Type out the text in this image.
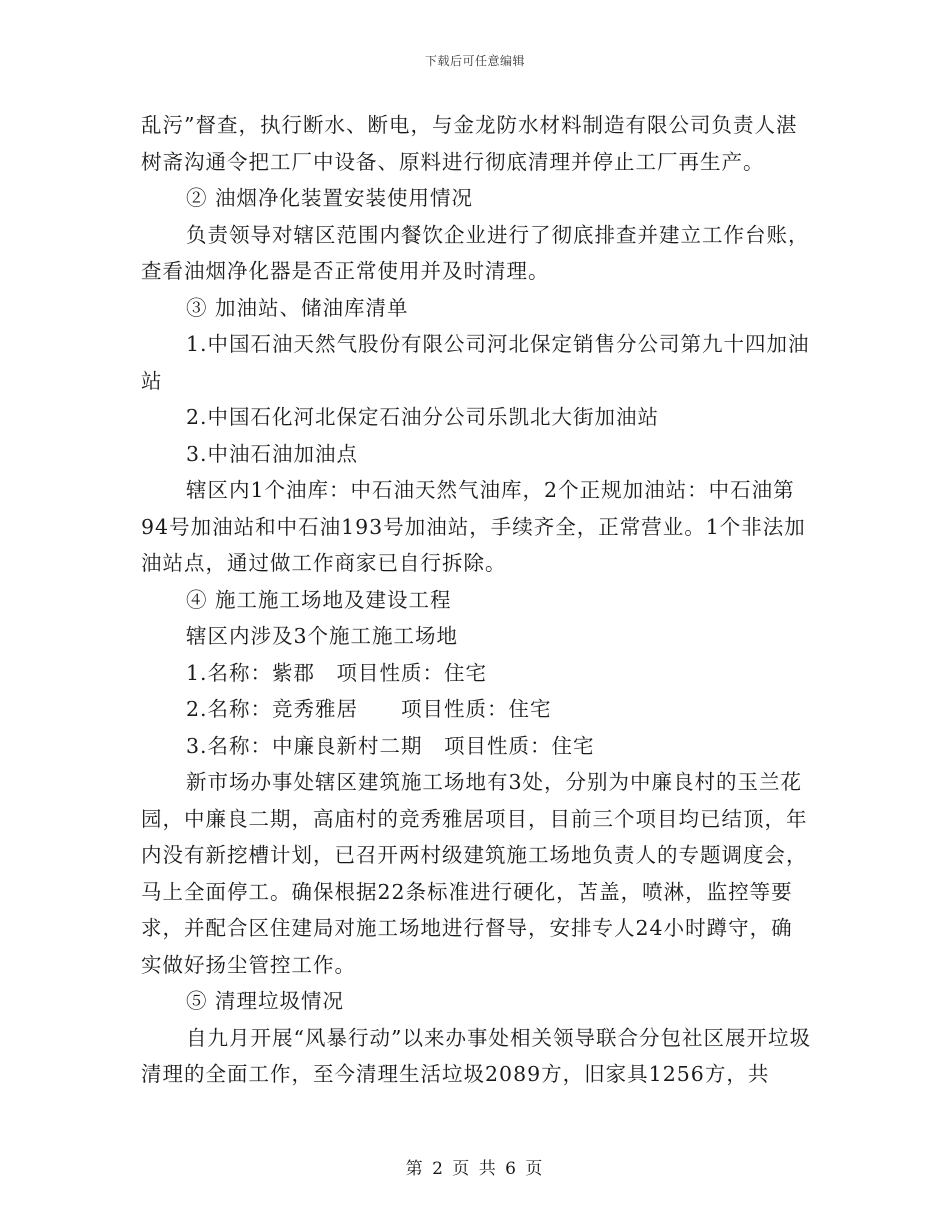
下载后可任意编辑

乱污”督查，执行断水、断电，与金龙防水材料制造有限公司负责人湛树斋沟通令把工厂中设备、原料进行彻底清理并停止工厂再生产。

② 油烟净化装置安装使用情况

负责领导对辖区范围内餐饮企业进行了彻底排查并建立工作台账，查看油烟净化器是否正常使用并及时清理。

③ 加油站、储油库清单

1.中国石油天然气股份有限公司河北保定销售分公司第九十四加油站

2.中国石化河北保定石油分公司乐凯北大街加油站

3.中油石油加油点

辖区内1个油库：中石油天然气油库，2个正规加油站：中石油第94号加油站和中石油193号加油站，手续齐全，正常营业。1个非法加油站点，通过做工作商家已自行拆除。

④ 施工施工场地及建设工程

辖区内涉及3个施工施工场地

1.名称：紫郡　项目性质：住宅

2.名称：竞秀雅居　　项目性质：住宅

3.名称：中廉良新村二期　项目性质：住宅

新市场办事处辖区建筑施工场地有3处，分别为中廉良村的玉兰花园，中廉良二期，高庙村的竞秀雅居项目，目前三个项目均已结顶，年内没有新挖槽计划，已召开两村级建筑施工场地负责人的专题调度会，马上全面停工。确保根据22条标准进行硬化，苫盖，喷淋，监控等要求，并配合区住建局对施工场地进行督导，安排专人24小时蹲守，确实做好扬尘管控工作。

⑤ 清理垃圾情况

自九月开展“风暴行动”以来办事处相关领导联合分包社区展开垃圾清理的全面工作，至今清理生活垃圾2089方，旧家具1256方，共

第 2 页 共 6 页
